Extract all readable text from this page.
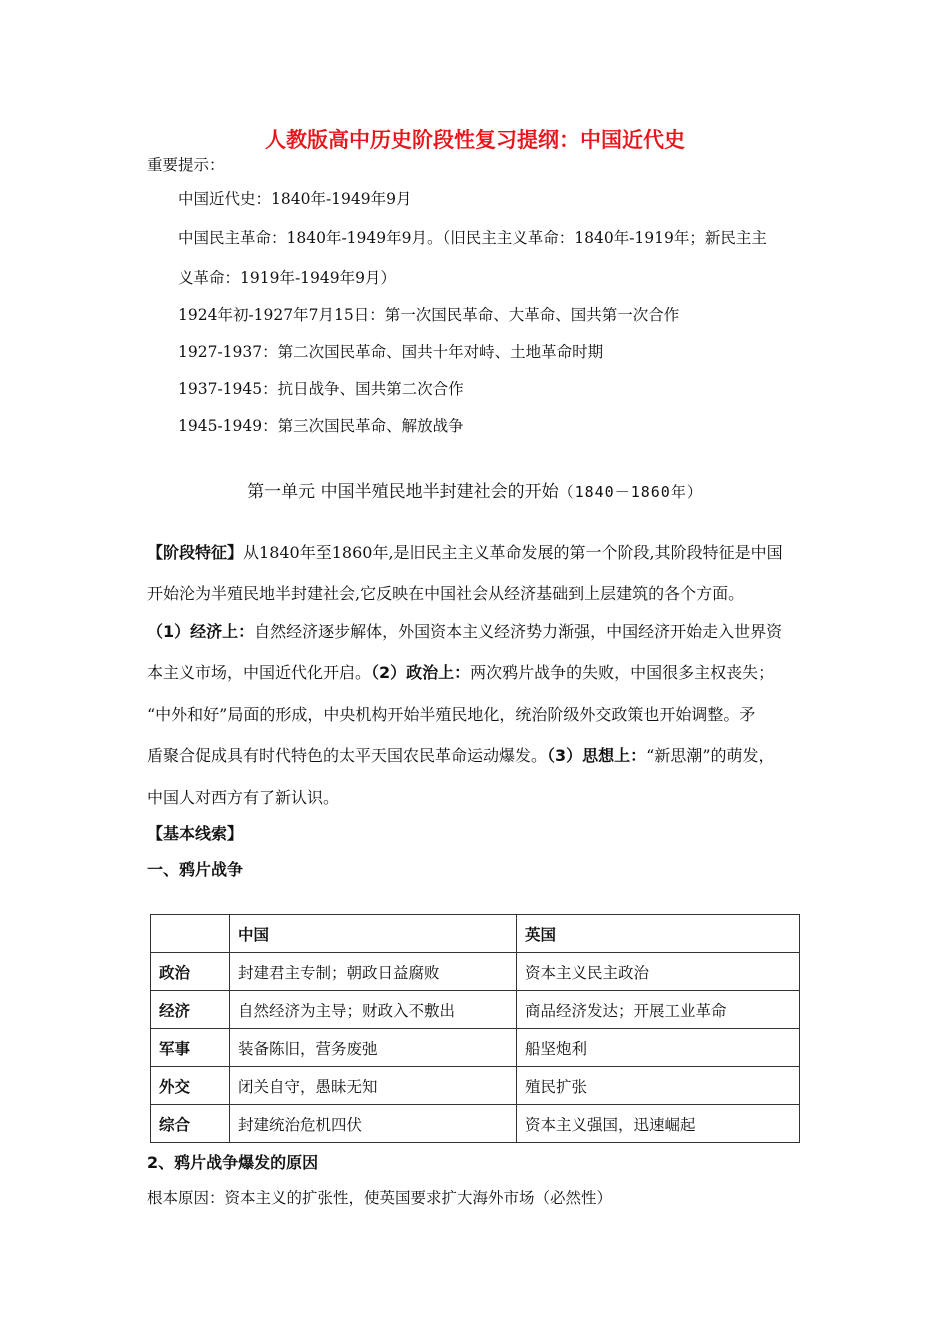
人教版高中历史阶段性复习提纲：中国近代史
重要提示：
中国近代史：1840年-1949年9月
中国民主革命：1840年-1949年9月。（旧民主主义革命：1840年-1919年；新民主主
义革命：1919年-1949年9月）
1924年初-1927年7月15日：第一次国民革命、大革命、国共第一次合作
1927-1937：第二次国民革命、国共十年对峙、土地革命时期
1937-1945：抗日战争、国共第二次合作
1945-1949：第三次国民革命、解放战争
第一单元 中国半殖民地半封建社会的开始（1840－1860年）
【阶段特征】从1840年至1860年,是旧民主主义革命发展的第一个阶段,其阶段特征是中国
开始沦为半殖民地半封建社会,它反映在中国社会从经济基础到上层建筑的各个方面。
（1）经济上：自然经济逐步解体，外国资本主义经济势力渐强，中国经济开始走入世界资
本主义市场，中国近代化开启。（2）政治上：两次鸦片战争的失败，中国很多主权丧失；
“中外和好”局面的形成，中央机构开始半殖民地化，统治阶级外交政策也开始调整。矛
盾聚合促成具有时代特色的太平天国农民革命运动爆发。（3）思想上：“新思潮”的萌发，
中国人对西方有了新认识。
【基本线索】
一、鸦片战争
	中国	英国
政治	封建君主专制；朝政日益腐败	资本主义民主政治
经济	自然经济为主导；财政入不敷出	商品经济发达；开展工业革命
军事	装备陈旧，营务废弛	船坚炮利
外交	闭关自守，愚昧无知	殖民扩张
综合	封建统治危机四伏	资本主义强国，迅速崛起
2、鸦片战争爆发的原因
根本原因：资本主义的扩张性，使英国要求扩大海外市场（必然性）
